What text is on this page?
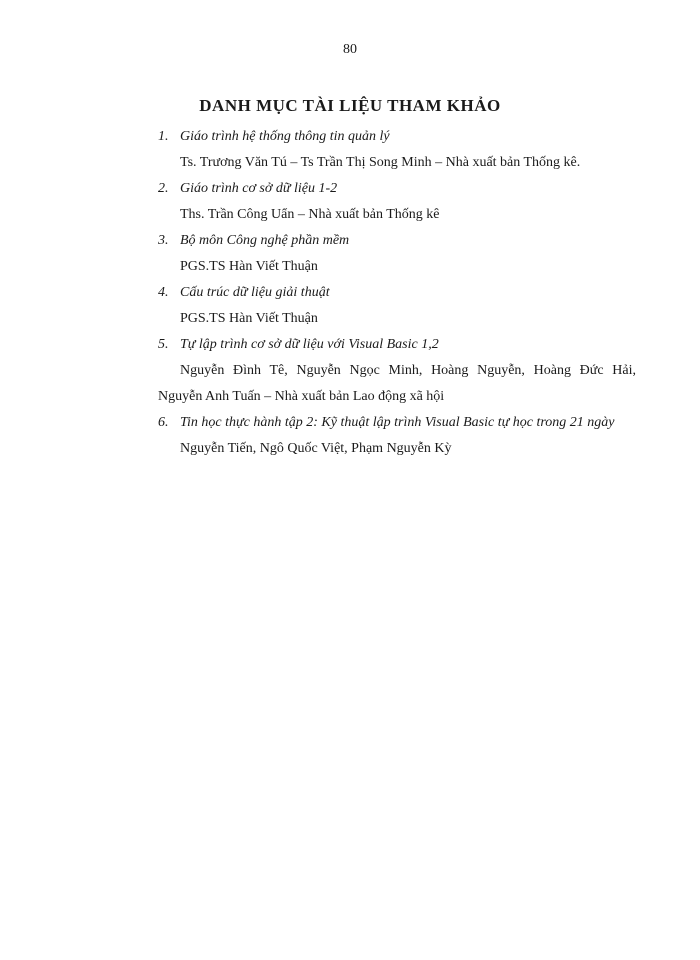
80
DANH MỤC TÀI LIỆU THAM KHẢO
1. Giáo trình hệ thống thông tin quản lý
Ts. Trương Văn Tú – Ts Trần Thị Song Minh – Nhà xuất bản Thống kê.
2. Giáo trình cơ sở dữ liệu 1-2
Ths. Trần Công Uẩn – Nhà xuất bản Thống kê
3. Bộ môn Công nghệ phần mềm
PGS.TS Hàn Viết Thuận
4. Cấu trúc dữ liệu giải thuật
PGS.TS Hàn Viết Thuận
5. Tự lập trình cơ sở dữ liệu với Visual Basic 1,2
Nguyễn Đình Tê, Nguyễn Ngọc Minh, Hoàng Nguyễn, Hoàng Đức Hải,
Nguyễn Anh Tuấn – Nhà xuất bản Lao động xã hội
6. Tin học thực hành tập 2: Kỹ thuật lập trình Visual Basic tự học trong 21 ngày
Nguyễn Tiến, Ngô Quốc Việt, Phạm Nguyễn Kỳ
